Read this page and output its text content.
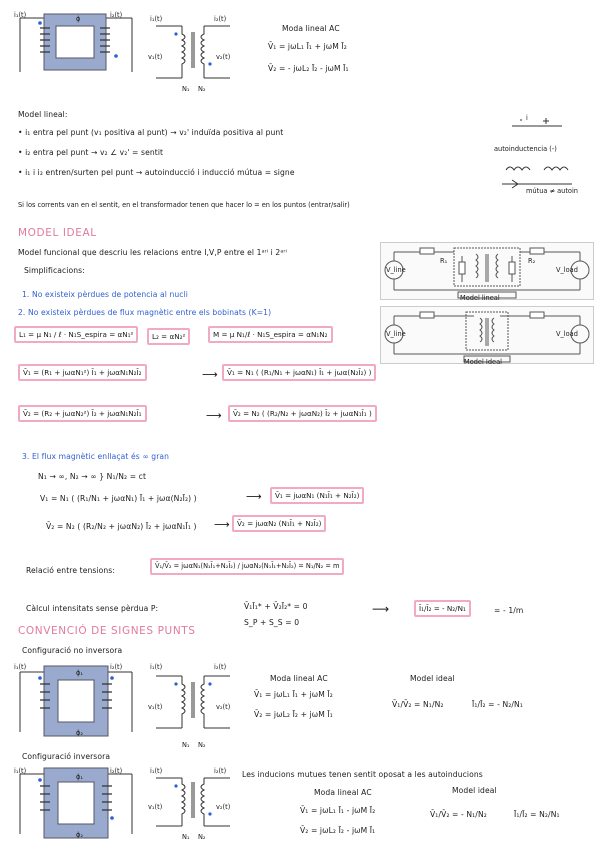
i₁(t)	i₂(t)
ϕ	i₁(t)	i₂(t)
v₁(t)	v₂(t)
N₁ N₂
Moda lineal AC
V̄₁ = jωL₁ Ī₁ + jωM Ī₂
V̄₂ = - jωL₂ Ī₂ - jωM Ī₁
Model lineal:
• i₁ entra pel punt (v₁ positiva al punt) → v₂' induïda positiva al punt
• i₂ entra pel punt → v₂ ∠ v₂' = sentit
• i₁ i i₂ entren/surten pel punt → autoinducció i inducció mútua = signe
Si los corrents van en el sentit, en el transformador tenen que hacer lo = en los puntos (entrar/salir)
i
autoinductencia (-)
mútua ≠ autoin
MODEL IDEAL
Model funcional que descriu les relacions entre I,V,P entre el 1ᵃʳⁱ i 2ᵃʳⁱ
Simplificacions:
1. No existeix pèrdues de potencia al nucli
2. No existeix pèrdues de flux magnètic entre els bobinats (K=1)
L₁ = μ N₁ / ℓ · N₁S_espira = αN₁²	L₂ = αN₂²	M = μ N₁/ℓ · N₁S_espira = αN₁N₂
V_line	V_load
Model lineal
R₁	R₂
V_line	V_load
Model Ideal
V̄₁ = (R₁ + jωαN₁²) Ī₁ + jωαN₁N₂Ī₂	⟶	V̄₁ = N₁ ( (R₁/N₁ + jωαN₁) Ī₁ + jωα(N₂Ī₂) )
V̄₂ = (R₂ + jωαN₂²) Ī₂ + jωαN₁N₂Ī₁	⟶	V̄₂ = N₂ ( (R₂/N₂ + jωαN₂) Ī₂ + jωαN₁Ī₁ )
3. El flux magnètic enllaçat és ∞ gran
N₁ → ∞, N₂ → ∞ } N₁/N₂ = ct
V₁ = N₁ ( (R₁/N₁ + jωαN₁) Ī₁ + jωα(N₂Ī₂) )	⟶	V̄₁ = jωαN₁ (N₁Ī₁ + N₂Ī₂)
V̄₂ = N₂ ( (R₂/N₂ + jωαN₂) Ī₂ + jωαN₁Ī₁ ) ⟶	V̄₂ = jωαN₂ (N₁Ī₁ + N₂Ī₂)
Relació entre tensions:	V̄₁/V̄₂ = jωαN₁(N₁Ī₁+N₂Ī₂) / jωαN₂(N₁Ī₁+N₂Ī₂) = N₁/N₂ = m
Càlcul intensitats sense pèrdua P:	V̄₁Ī₁* + V̄₂Ī₂* = 0
S_P + S_S = 0
⟶	Ī₁/Ī₂ = - N₂/N₁	= - 1/m
CONVENCIÓ DE SIGNES PUNTS
Configuració no inversora
i₁(t)	i₂(t)
ϕ₁
ϕ₂
i₁(t)	i₂(t)
v₁(t)	v₂(t)
N₁ N₂
Moda lineal AC
V̄₁ = jωL₁ Ī₁ + jωM Ī₂
V̄₂ = jωL₂ Ī₂ + jωM Ī₁
Model ideal
V̄₁/V̄₂ = N₁/N₂	Ī₁/Ī₂ = - N₂/N₁
Configuració inversora
i₁(t)	i₂(t)
ϕ₁
ϕ₂
i₁(t)	i₂(t)
v₁(t)	v₂(t)
N₁ N₂
Les inducions mutues tenen sentit oposat a les autoinducions
Moda lineal AC
V̄₁ = jωL₁ Ī₁ - jωM Ī₂
V̄₂ = jωL₂ Ī₂ - jωM Ī₁
Model ideal
V̄₁/V̄₂ = - N₁/N₂	Ī₁/Ī₂ = N₂/N₁
